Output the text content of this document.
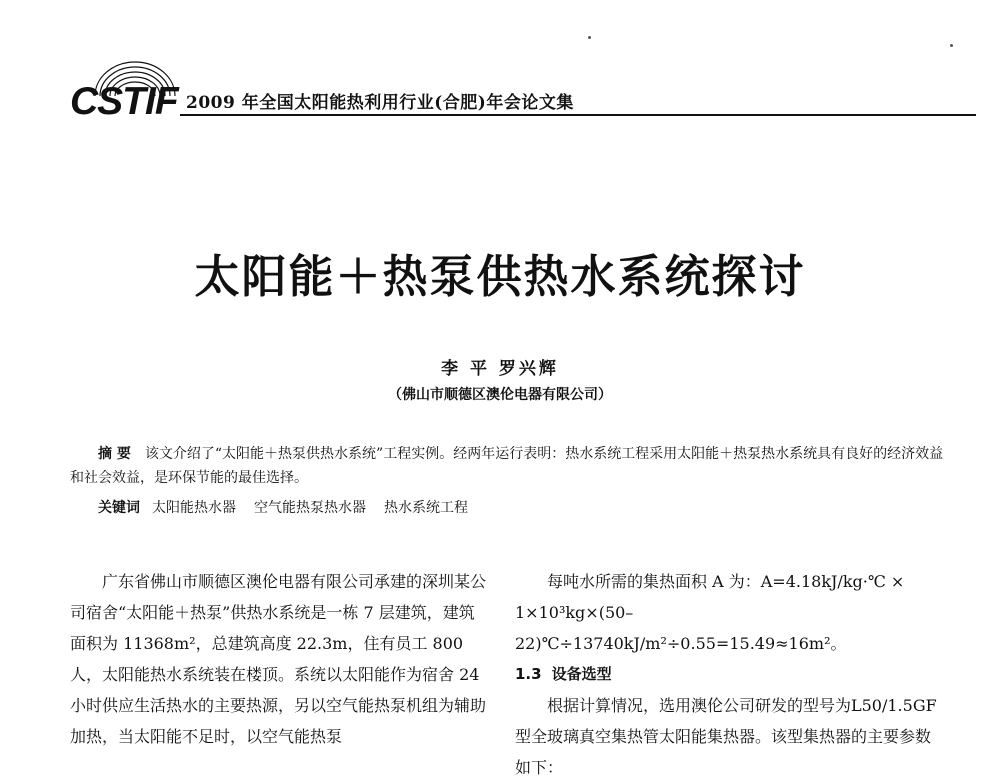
CSTIF 2009 年全国太阳能热利用行业(合肥)年会论文集
太阳能＋热泵供热水系统探讨
李 平 罗兴辉
（佛山市顺德区澳伦电器有限公司）
摘 要 该文介绍了“太阳能＋热泵供热水系统”工程实例。经两年运行表明：热水系统工程采用太阳能＋热泵热水系统具有良好的经济效益和社会效益，是环保节能的最佳选择。
关键词 太阳能热水器 空气能热泵热水器 热水系统工程

广东省佛山市顺德区澳伦电器有限公司承建的深圳某公司宿舍“太阳能＋热泵”供热水系统是一栋 7 层建筑，建筑面积为 11368m²，总建筑高度 22.3m，住有员工 800 人，太阳能热水系统装在楼顶。系统以太阳能作为宿舍 24 小时供应生活热水的主要热源，另以空气能热泵机组为辅助加热，当太阳能不足时，以空气能热泵

每吨水所需的集热面积 A 为：A=4.18kJ/kg·℃ ×

1×10³kg×(50–22)℃÷13740kJ/m²÷0.55=15.49≈16m²。

1.3 设备选型

根据计算情况，选用澳伦公司研发的型号为L50/1.5GF 型全玻璃真空集热管太阳能集热器。该型集热器的主要参数如下：
